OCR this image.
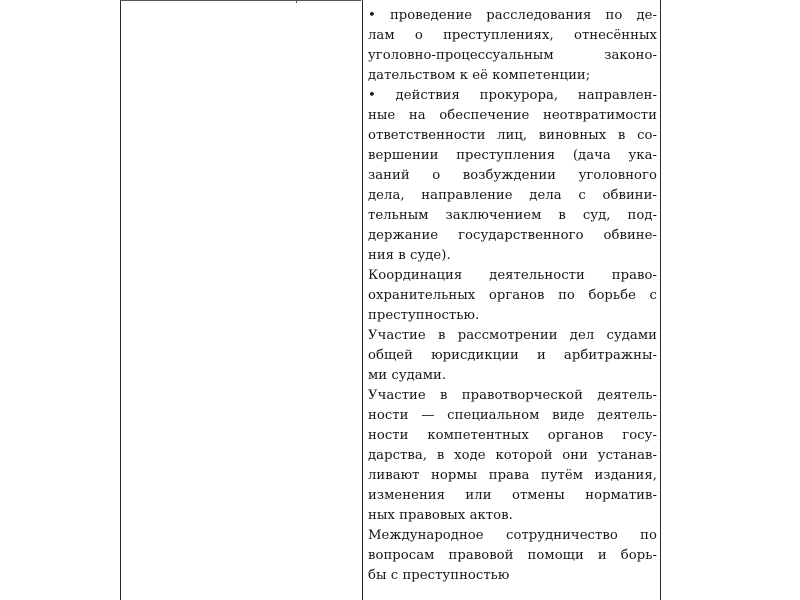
• проведение расследования по де-
лам о преступлениях, отнесённых
уголовно-процессуальным законо-
дательством к её компетенции;
• действия прокурора, направлен-
ные на обеспечение неотвратимости
ответственности лиц, виновных в со-
вершении преступления (дача ука-
заний о возбуждении уголовного
дела, направление дела с обвини-
тельным заключением в суд, под-
держание государственного обвине-
ния в суде).
Координация деятельности право-
охранительных органов по борьбе с
преступностью.
Участие в рассмотрении дел судами
общей юрисдикции и арбитражны-
ми судами.
Участие в правотворческой деятель-
ности — специальном виде деятель-
ности компетентных органов госу-
дарства, в ходе которой они устанав-
ливают нормы права путём издания,
изменения или отмены норматив-
ных правовых актов.
Международное сотрудничество по
вопросам правовой помощи и борь-
бы с преступностью
